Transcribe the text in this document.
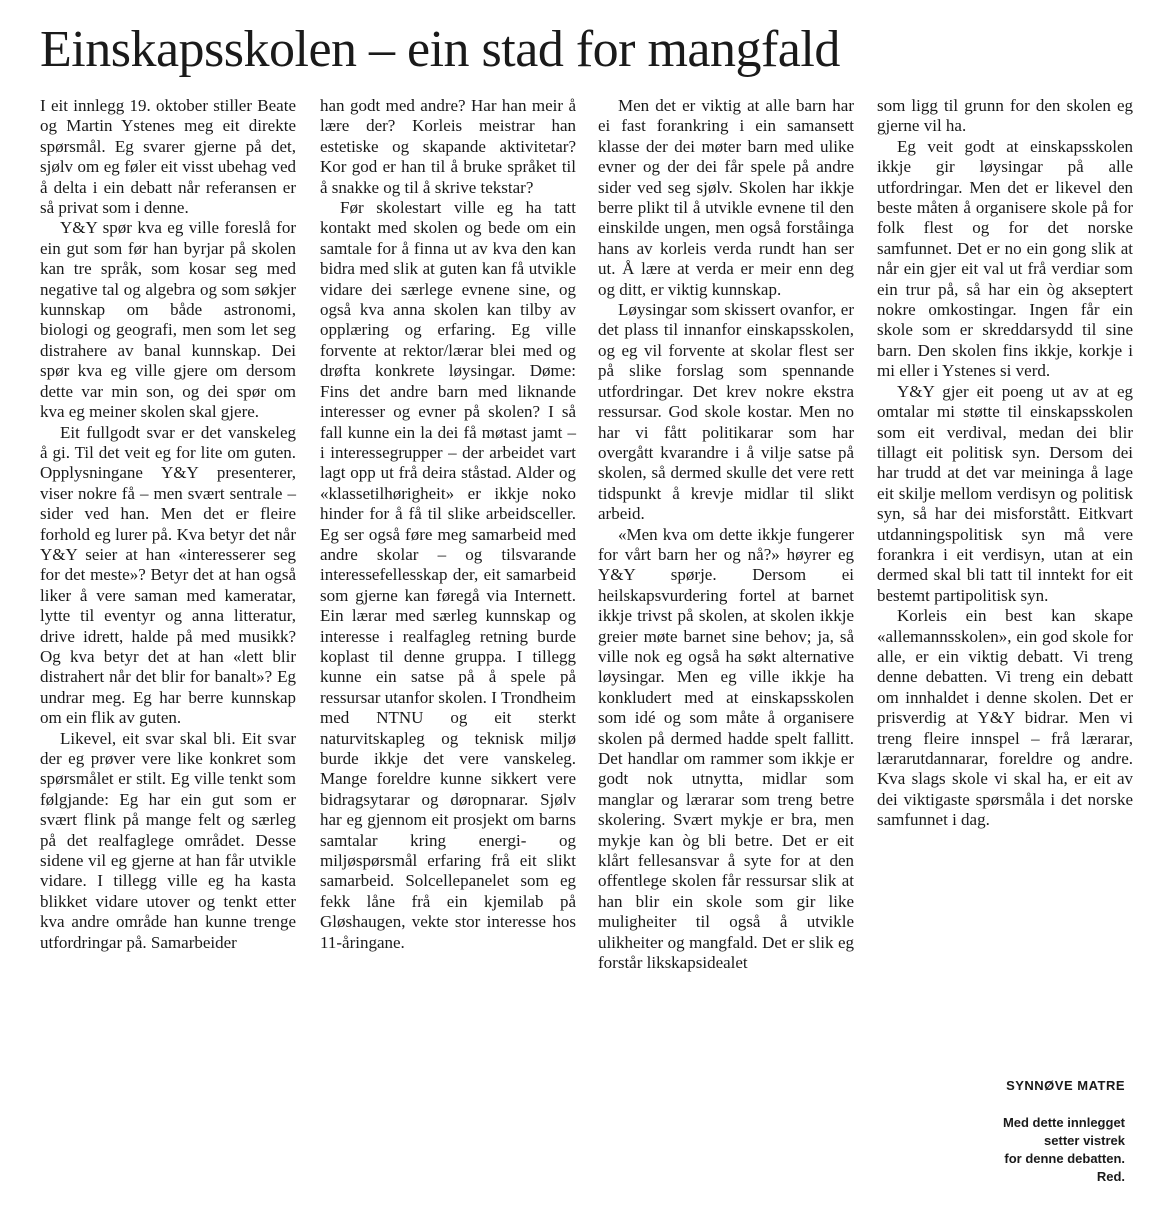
Einskapsskolen – ein stad for mangfald

I eit innlegg 19. oktober stiller Beate og Martin Ystenes meg eit direkte spørsmål. Eg svarer gjerne på det, sjølv om eg føler eit visst ubehag ved å delta i ein debatt når referansen er så privat som i denne.

Y&Y spør kva eg ville foreslå for ein gut som før han byrjar på skolen kan tre språk, som kosar seg med negative tal og algebra og som søkjer kunnskap om både astronomi, biologi og geografi, men som let seg distrahere av banal kunnskap. Dei spør kva eg ville gjere om dersom dette var min son, og dei spør om kva eg meiner skolen skal gjere.

Eit fullgodt svar er det vanskeleg å gi. Til det veit eg for lite om guten. Opplysningane Y&Y presenterer, viser nokre få – men svært sentrale – sider ved han. Men det er fleire forhold eg lurer på. Kva betyr det når Y&Y seier at han «interesserer seg for det meste»? Betyr det at han også liker å vere saman med kameratar, lytte til eventyr og anna litteratur, drive idrett, halde på med musikk? Og kva betyr det at han «lett blir distrahert når det blir for banalt»? Eg undrar meg. Eg har berre kunnskap om ein flik av guten.

Likevel, eit svar skal bli. Eit svar der eg prøver vere like konkret som spørsmålet er stilt. Eg ville tenkt som følgjande: Eg har ein gut som er svært flink på mange felt og særleg på det realfaglege området. Desse sidene vil eg gjerne at han får utvikle vidare. I tillegg ville eg ha kasta blikket vidare utover og tenkt etter kva andre område han kunne trenge utfordringar på. Samarbeider

han godt med andre? Har han meir å lære der? Korleis meistrar han estetiske og skapande aktivitetar? Kor god er han til å bruke språket til å snakke og til å skrive tekstar?

Før skolestart ville eg ha tatt kontakt med skolen og bede om ein samtale for å finna ut av kva den kan bidra med slik at guten kan få utvikle vidare dei særlege evnene sine, og også kva anna skolen kan tilby av opplæring og erfaring. Eg ville forvente at rektor/lærar blei med og drøfta konkrete løysingar. Døme: Fins det andre barn med liknande interesser og evner på skolen? I så fall kunne ein la dei få møtast jamt – i interessegrupper – der arbeidet vart lagt opp ut frå deira ståstad. Alder og «klassetilhørigheit» er ikkje noko hinder for å få til slike arbeidsceller. Eg ser også føre meg samarbeid med andre skolar – og tilsvarande interessefellesskap der, eit samarbeid som gjerne kan føregå via Internett. Ein lærar med særleg kunnskap og interesse i realfagleg retning burde koplast til denne gruppa. I tillegg kunne ein satse på å spele på ressursar utanfor skolen. I Trondheim med NTNU og eit sterkt naturvitskapleg og teknisk miljø burde ikkje det vere vanskeleg. Mange foreldre kunne sikkert vere bidragsytarar og døropnarar. Sjølv har eg gjennom eit prosjekt om barns samtalar kring energi- og miljøspørsmål erfaring frå eit slikt samarbeid. Solcellepanelet som eg fekk låne frå ein kjemilab på Gløshaugen, vekte stor interesse hos 11-åringane.

Men det er viktig at alle barn har ei fast forankring i ein samansett klasse der dei møter barn med ulike evner og der dei får spele på andre sider ved seg sjølv. Skolen har ikkje berre plikt til å utvikle evnene til den einskilde ungen, men også forståinga hans av korleis verda rundt han ser ut. Å lære at verda er meir enn deg og ditt, er viktig kunnskap.

Løysingar som skissert ovanfor, er det plass til innanfor einskapsskolen, og eg vil forvente at skolar flest ser på slike forslag som spennande utfordringar. Det krev nokre ekstra ressursar. God skole kostar. Men no har vi fått politikarar som har overgått kvarandre i å vilje satse på skolen, så dermed skulle det vere rett tidspunkt å krevje midlar til slikt arbeid.

«Men kva om dette ikkje fungerer for vårt barn her og nå?» høyrer eg Y&Y spørje. Dersom ei heilskapsvurdering fortel at barnet ikkje trivst på skolen, at skolen ikkje greier møte barnet sine behov; ja, så ville nok eg også ha søkt alternative løysingar. Men eg ville ikkje ha konkludert med at einskapsskolen som idé og som måte å organisere skolen på dermed hadde spelt fallitt. Det handlar om rammer som ikkje er godt nok utnytta, midlar som manglar og lærarar som treng betre skolering. Svært mykje er bra, men mykje kan òg bli betre. Det er eit klårt fellesansvar å syte for at den offentlege skolen får ressursar slik at han blir ein skole som gir like muligheiter til også å utvikle ulikheiter og mangfald. Det er slik eg forstår likskapsidealet

som ligg til grunn for den skolen eg gjerne vil ha.

Eg veit godt at einskapsskolen ikkje gir løysingar på alle utfordringar. Men det er likevel den beste måten å organisere skole på for folk flest og for det norske samfunnet. Det er no ein gong slik at når ein gjer eit val ut frå verdiar som ein trur på, så har ein òg akseptert nokre omkostingar. Ingen får ein skole som er skreddarsydd til sine barn. Den skolen fins ikkje, korkje i mi eller i Ystenes si verd.

Y&Y gjer eit poeng ut av at eg omtalar mi støtte til einskapsskolen som eit verdival, medan dei blir tillagt eit politisk syn. Dersom dei har trudd at det var meininga å lage eit skilje mellom verdisyn og politisk syn, så har dei misforstått. Eitkvart utdanningspolitisk syn må vere forankra i eit verdisyn, utan at ein dermed skal bli tatt til inntekt for eit bestemt partipolitisk syn.

Korleis ein best kan skape «allemannsskolen», ein god skole for alle, er ein viktig debatt. Vi treng denne debatten. Vi treng ein debatt om innhaldet i denne skolen. Det er prisverdig at Y&Y bidrar. Men vi treng fleire innspel – frå lærarar, lærarutdannarar, foreldre og andre. Kva slags skole vi skal ha, er eit av dei viktigaste spørsmåla i det norske samfunnet i dag.

SYNNØVE MATRE
Med dette innlegget
setter vistrek
for denne debatten.
Red.
